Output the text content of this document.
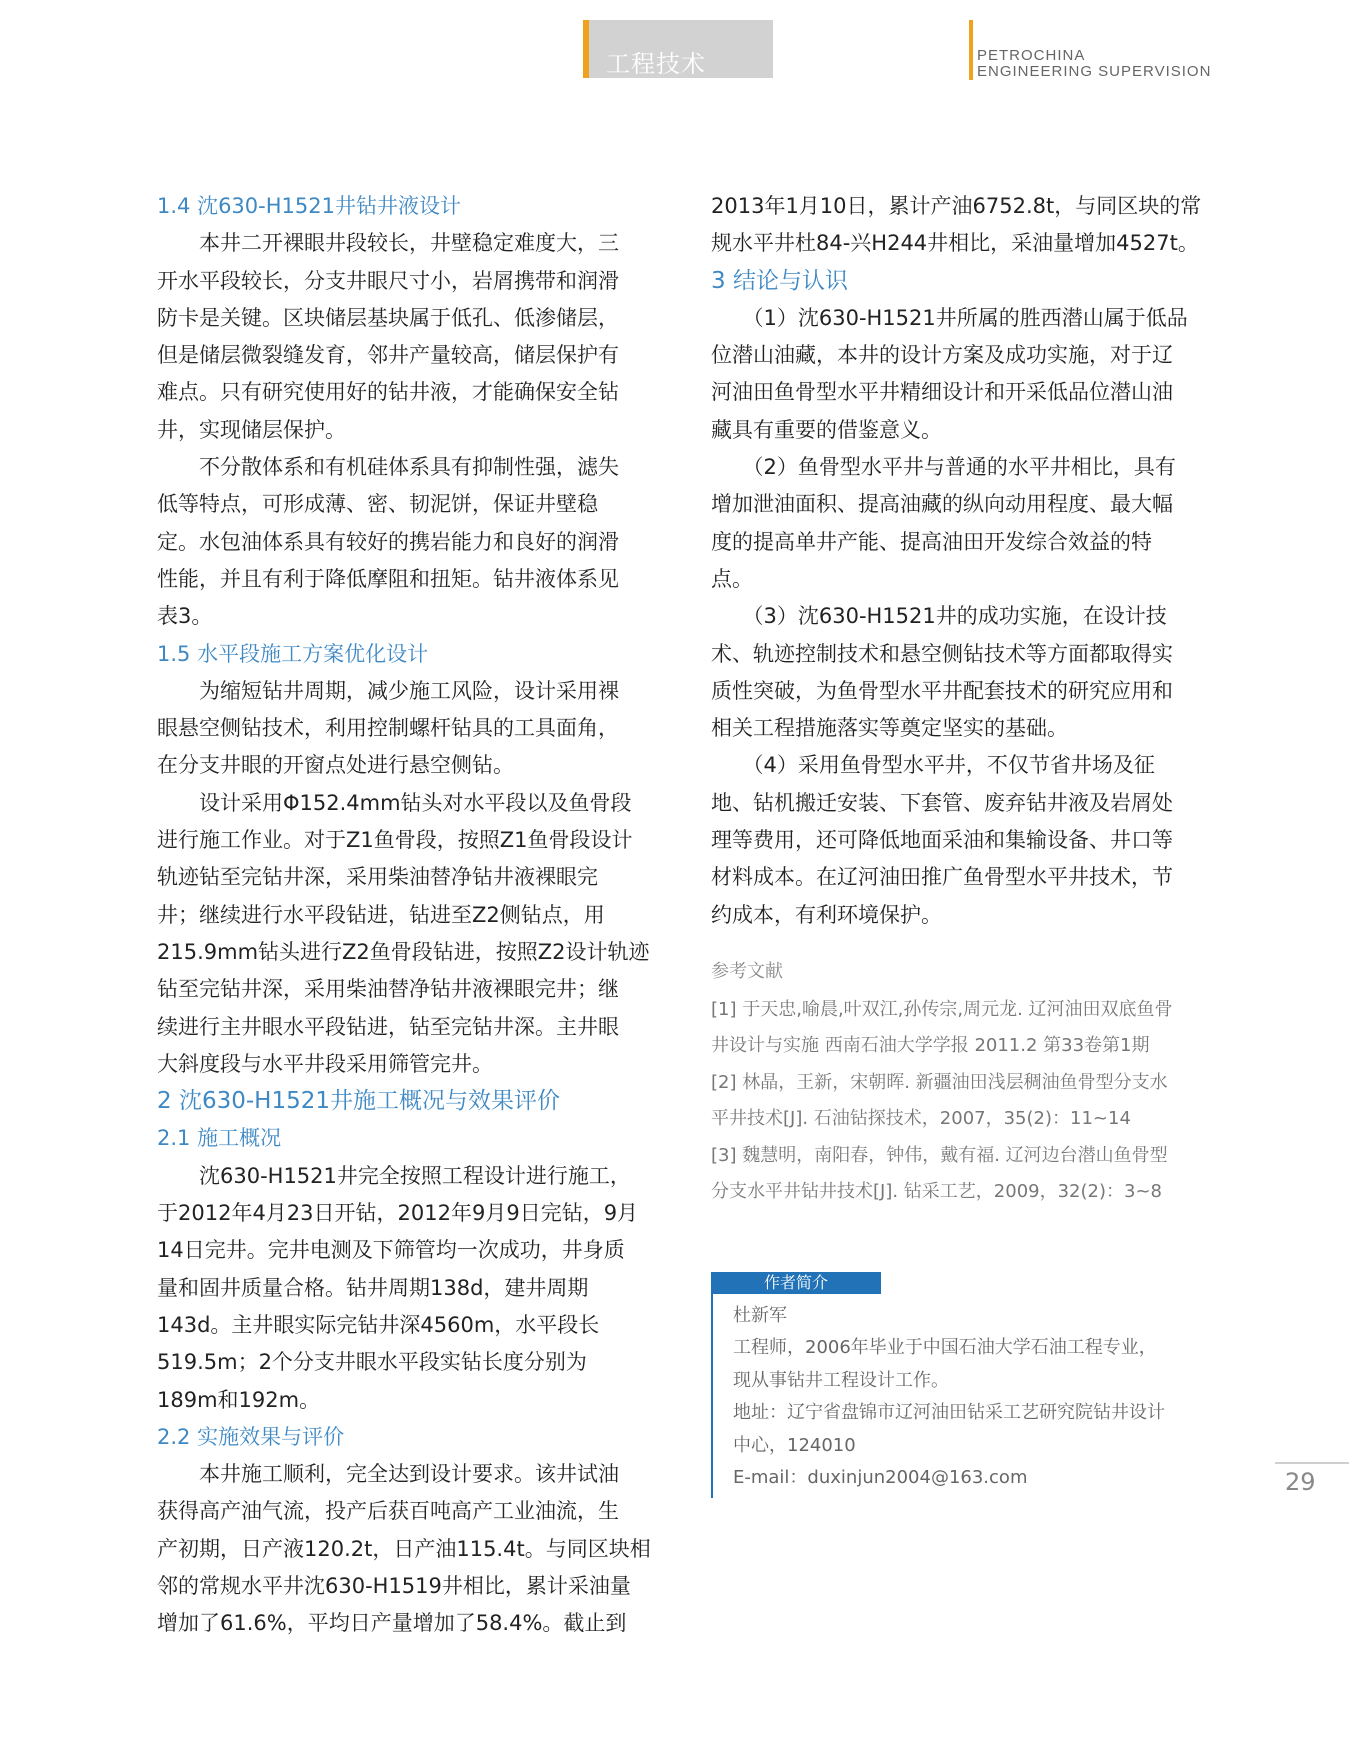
工程技术	PETROCHINA
ENGINEERING SUPERVISION
1.4 沈630-H1521井钻井液设计
　　本井二开裸眼井段较长，井壁稳定难度大，三
开水平段较长，分支井眼尺寸小，岩屑携带和润滑
防卡是关键。区块储层基块属于低孔、低渗储层，
但是储层微裂缝发育，邻井产量较高，储层保护有
难点。只有研究使用好的钻井液，才能确保安全钻
井，实现储层保护。
　　不分散体系和有机硅体系具有抑制性强，滤失
低等特点，可形成薄、密、韧泥饼，保证井壁稳
定。水包油体系具有较好的携岩能力和良好的润滑
性能，并且有利于降低摩阻和扭矩。钻井液体系见
表3。
1.5 水平段施工方案优化设计
　　为缩短钻井周期，减少施工风险，设计采用裸
眼悬空侧钻技术，利用控制螺杆钻具的工具面角，
在分支井眼的开窗点处进行悬空侧钻。
　　设计采用Φ152.4mm钻头对水平段以及鱼骨段
进行施工作业。对于Z1鱼骨段，按照Z1鱼骨段设计
轨迹钻至完钻井深，采用柴油替净钻井液裸眼完
井；继续进行水平段钻进，钻进至Z2侧钻点，用
215.9mm钻头进行Z2鱼骨段钻进，按照Z2设计轨迹
钻至完钻井深，采用柴油替净钻井液裸眼完井；继
续进行主井眼水平段钻进，钻至完钻井深。主井眼
大斜度段与水平井段采用筛管完井。
2 沈630-H1521井施工概况与效果评价
2.1 施工概况
　　沈630-H1521井完全按照工程设计进行施工，
于2012年4月23日开钻，2012年9月9日完钻，9月
14日完井。完井电测及下筛管均一次成功，井身质
量和固井质量合格。钻井周期138d，建井周期
143d。主井眼实际完钻井深4560m，水平段长
519.5m；2个分支井眼水平段实钻长度分别为
189m和192m。
2.2 实施效果与评价
　　本井施工顺利，完全达到设计要求。该井试油
获得高产油气流，投产后获百吨高产工业油流，生
产初期，日产液120.2t，日产油115.4t。与同区块相
邻的常规水平井沈630-H1519井相比，累计采油量
增加了61.6%，平均日产量增加了58.4%。截止到
2013年1月10日，累计产油6752.8t，与同区块的常
规水平井杜84-兴H244井相比，采油量增加4527t。
3 结论与认识
　　（1）沈630-H1521井所属的胜西潜山属于低品
位潜山油藏，本井的设计方案及成功实施，对于辽
河油田鱼骨型水平井精细设计和开采低品位潜山油
藏具有重要的借鉴意义。
　　（2）鱼骨型水平井与普通的水平井相比，具有
增加泄油面积、提高油藏的纵向动用程度、最大幅
度的提高单井产能、提高油田开发综合效益的特
点。
　　（3）沈630-H1521井的成功实施，在设计技
术、轨迹控制技术和悬空侧钻技术等方面都取得实
质性突破，为鱼骨型水平井配套技术的研究应用和
相关工程措施落实等奠定坚实的基础。
　　（4）采用鱼骨型水平井，不仅节省井场及征
地、钻机搬迁安装、下套管、废弃钻井液及岩屑处
理等费用，还可降低地面采油和集输设备、井口等
材料成本。在辽河油田推广鱼骨型水平井技术，节
约成本，有利环境保护。
参考文献
[1] 于天忠,喻晨,叶双江,孙传宗,周元龙. 辽河油田双底鱼骨
井设计与实施 西南石油大学学报 2011.2 第33卷第1期
[2] 林晶，王新，宋朝晖. 新疆油田浅层稠油鱼骨型分支水
平井技术[J]. 石油钻探技术，2007，35(2)：11~14
[3] 魏慧明，南阳春，钟伟，戴有福. 辽河边台潜山鱼骨型
分支水平井钻井技术[J]. 钻采工艺，2009，32(2)：3~8
作者简介
杜新军
工程师，2006年毕业于中国石油大学石油工程专业，
现从事钻井工程设计工作。
地址：辽宁省盘锦市辽河油田钻采工艺研究院钻井设计
中心，124010
E-mail：duxinjun2004@163.com	29
